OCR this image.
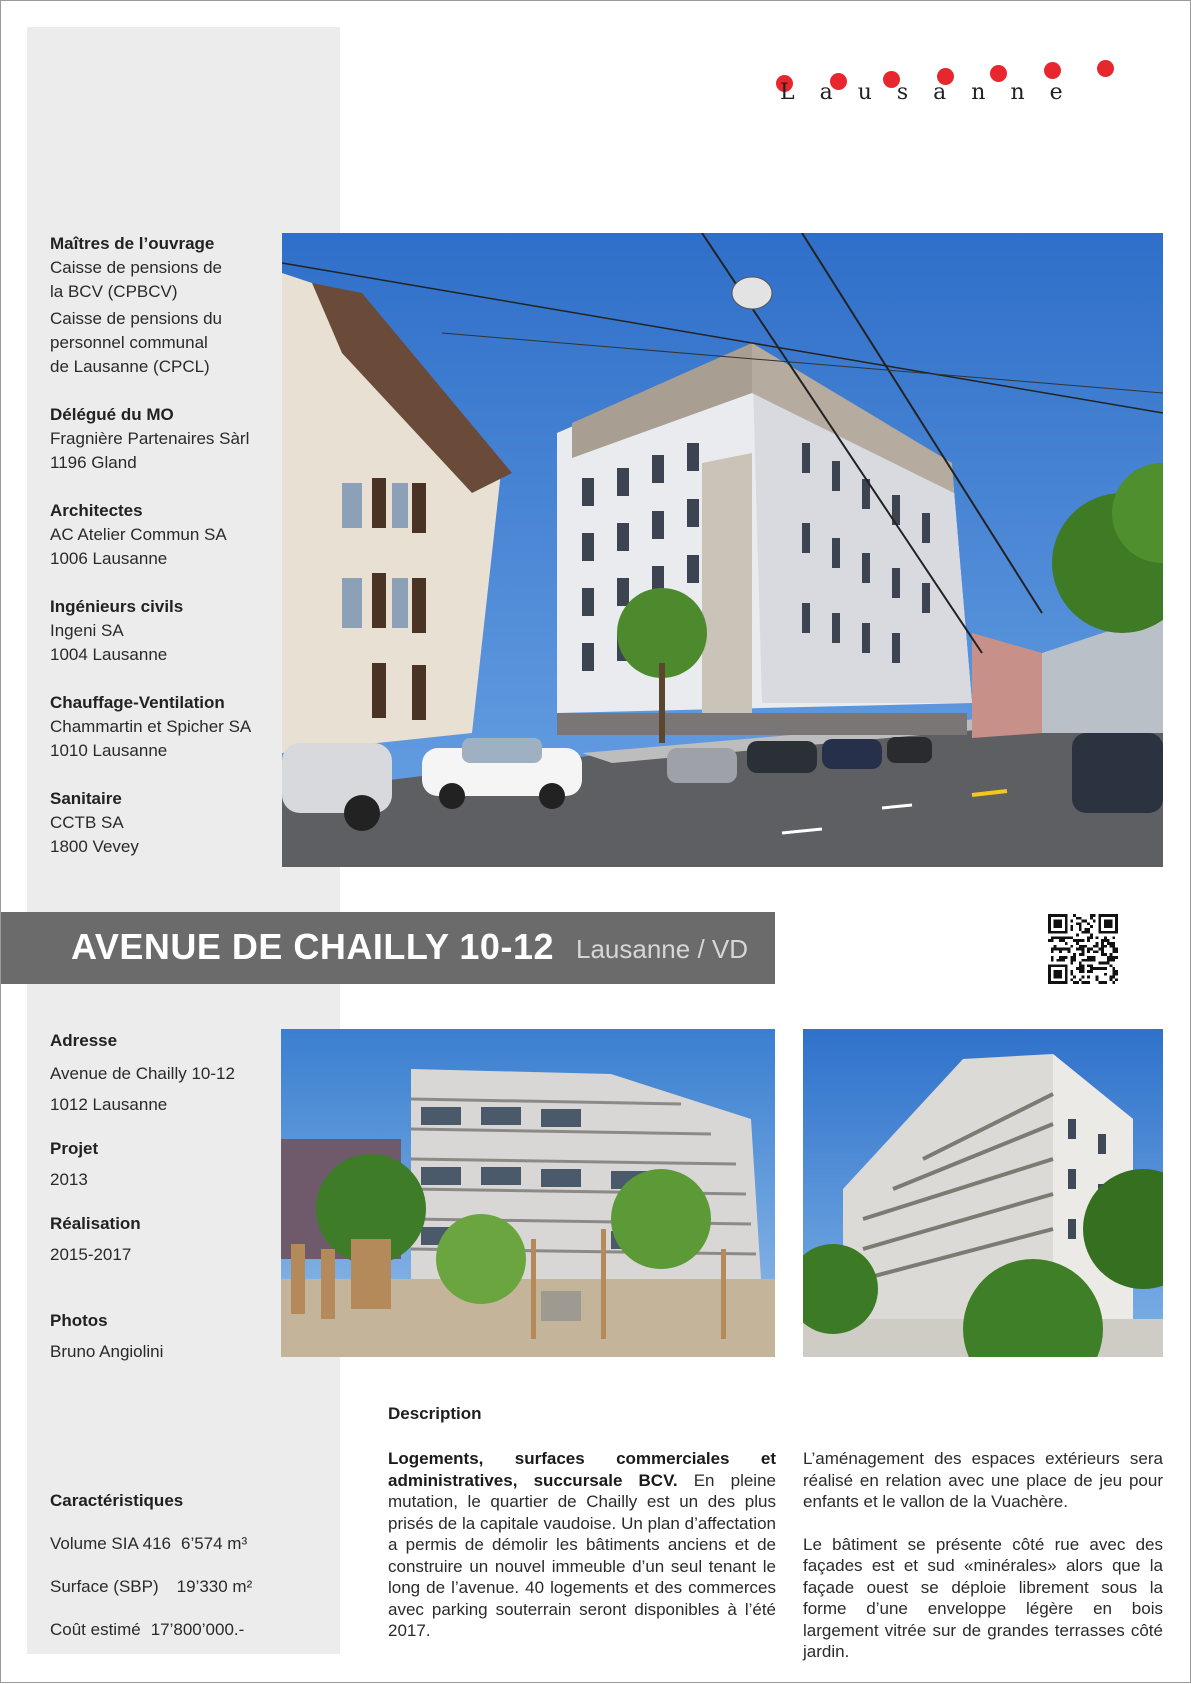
Lausanne
Maîtres de l’ouvrage
Caisse de pensions de
la BCV (CPBCV)
Caisse de pensions du
personnel communal
de Lausanne (CPCL)
Délégué du MO
Fragnière Partenaires Sàrl
1196 Gland
Architectes
AC Atelier Commun SA
1006 Lausanne
Ingénieurs civils
Ingeni SA
1004 Lausanne
Chauffage-Ventilation
Chammartin et Spicher SA
1010 Lausanne
Sanitaire
CCTB SA
1800 Vevey
AVENUE DE CHAILLY 10-12 Lausanne / VD
Adresse
Avenue de Chailly 10-12
1012 Lausanne
Projet
2013
Réalisation
2015-2017
Photos
Bruno Angiolini
Caractéristiques
Volume SIA 416 6’574 m³
Surface (SBP) 19’330 m²
Coût estimé 17’800’000.-
Description

Logements, surfaces commerciales et administratives, succursale BCV. En pleine mutation, le quartier de Chailly est un des plus prisés de la capitale vaudoise. Un plan d’affectation a permis de démolir les bâtiments anciens et de construire un nouvel immeuble d’un seul tenant le long de l’avenue. 40 logements et des commerces avec parking souterrain seront disponibles à l’été 2017.

L’aménagement des espaces extérieurs sera réalisé en relation avec une place de jeu pour enfants et le vallon de la Vuachère.

Le bâtiment se présente côté rue avec des façades est et sud «minérales» alors que la façade ouest se déploie librement sous la forme d’une enveloppe légère en bois largement vitrée sur de grandes terrasses côté jardin.
